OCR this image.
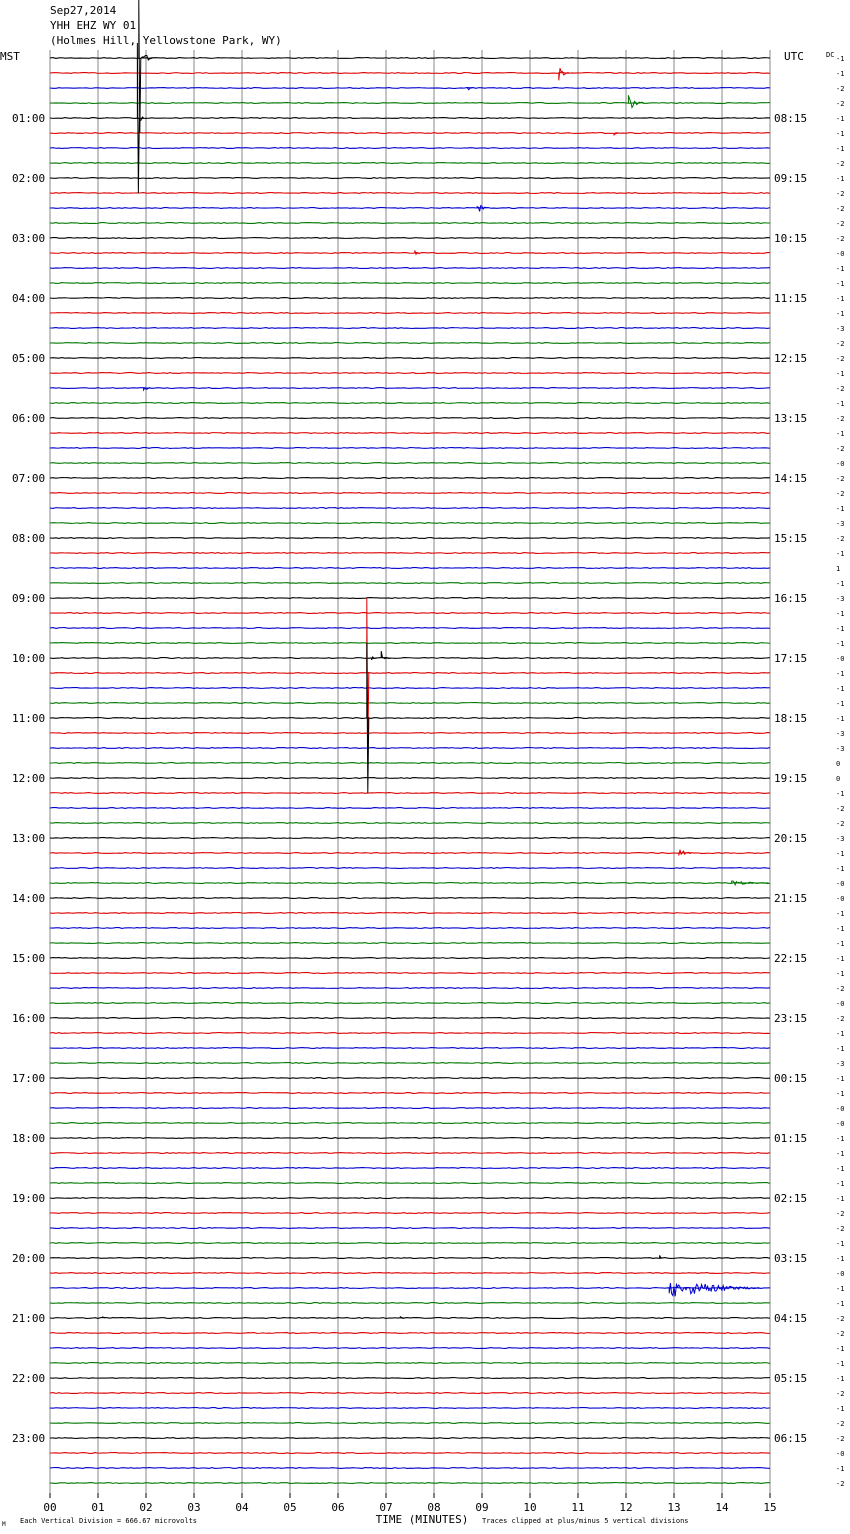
Sep27,2014
YHH EHZ WY 01
(Holmes Hill, Yellowstone Park, WY)
MST	UTC	DC
01:00
02:00
03:00
04:00
05:00
06:00
07:00
08:00
09:00
10:00
11:00
12:00
13:00
14:00
15:00
16:00
17:00
18:00
19:00
20:00
21:00
22:00
23:00
08:15
09:15
10:15
11:15
12:15
13:15
14:15
15:15
16:15
17:15
18:15
19:15
20:15
21:15
22:15
23:15
00:15
01:15
02:15
03:15
04:15
05:15
06:15
-1
-1
-2
-2
-1
-1
-1
-2
-1
-2
-2
-2
-2
-0
-1
-1
-1
-1
-3
-2
-2
-1
-2
-1
-2
-1
-2
-0
-2
-2
-1
-3
-2
-1
1
-1
-3
-1
-1
-1
-0
-1
-1
-1
-1
-3
-3
0
0
-1
-2
-2
-3
-1
-1
-0
-0
-1
-1
-1
-1
-1
-2
-0
-2
-1
-1
-3
-1
-1
-0
-0
-1
-1
-1
-1
-1
-2
-2
-1
-1
-0
-1
-1
-2
-2
-1
-1
-1
-2
-1
-2
-2
-0
-1
-2
00	01	02	03	04	05	06	07	08	09	10	11	12	13	14	15
TIME (MINUTES)
Each Vertical Division = 666.67 microvolts	Traces clipped at plus/minus 5 vertical divisions
M
